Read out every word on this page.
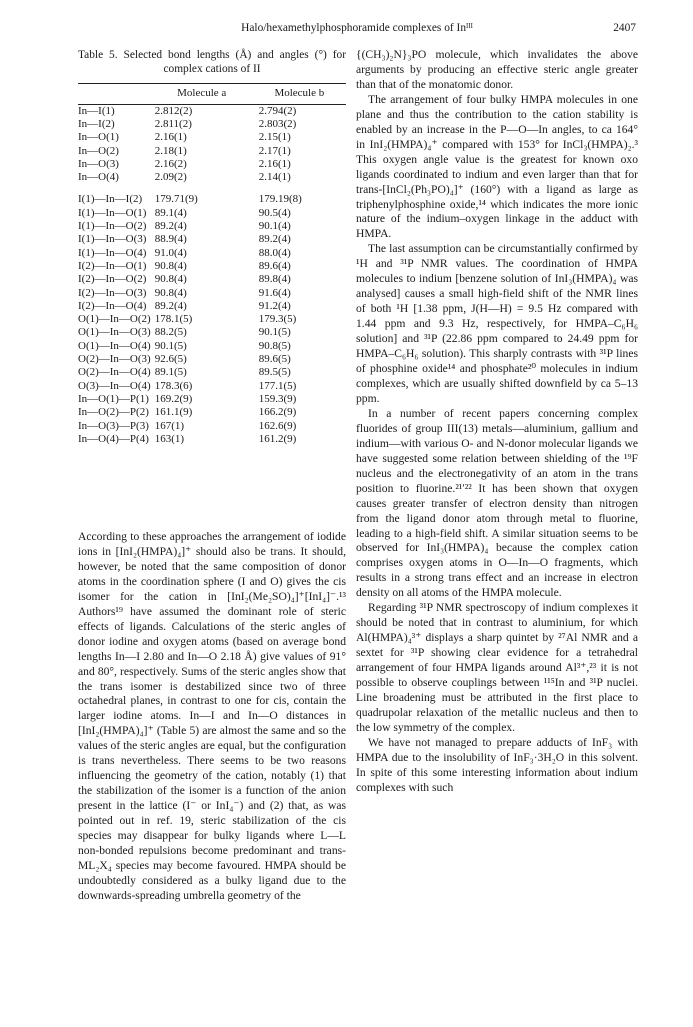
Halo/hexamethylphosphoramide complexes of Inᴵᴵᴵ	2407

Table 5. Selected bond lengths (Å) and angles (°) for complex cations of II

	Molecule a	Molecule b
In—I(1)	2.812(2)	2.794(2)
In—I(2)	2.811(2)	2.803(2)
In—O(1)	2.16(1)	2.15(1)
In—O(2)	2.18(1)	2.17(1)
In—O(3)	2.16(2)	2.16(1)
In—O(4)	2.09(2)	2.14(1)

I(1)—In—I(2)	179.71(9)	179.19(8)
I(1)—In—O(1)	89.1(4)	90.5(4)
I(1)—In—O(2)	89.2(4)	90.1(4)
I(1)—In—O(3)	88.9(4)	89.2(4)
I(1)—In—O(4)	91.0(4)	88.0(4)
I(2)—In—O(1)	90.8(4)	89.6(4)
I(2)—In—O(2)	90.8(4)	89.8(4)
I(2)—In—O(3)	90.8(4)	91.6(4)
I(2)—In—O(4)	89.2(4)	91.2(4)
O(1)—In—O(2)	178.1(5)	179.3(5)
O(1)—In—O(3)	88.2(5)	90.1(5)
O(1)—In—O(4)	90.1(5)	90.8(5)
O(2)—In—O(3)	92.6(5)	89.6(5)
O(2)—In—O(4)	89.1(5)	89.5(5)
O(3)—In—O(4)	178.3(6)	177.1(5)
In—O(1)—P(1)	169.2(9)	159.3(9)
In—O(2)—P(2)	161.1(9)	166.2(9)
In—O(3)—P(3)	167(1)	162.6(9)
In—O(4)—P(4)	163(1)	161.2(9)

According to these approaches the arrangement of iodide ions in [InI₂(HMPA)₄]⁺ should also be trans. It should, however, be noted that the same composition of donor atoms in the coordination sphere (I and O) gives the cis isomer for the cation in [InI₂(Me₂SO)₄]⁺[InI₄]⁻.¹³ Authors¹⁹ have assumed the dominant role of steric effects of ligands. Calculations of the steric angles of donor iodine and oxygen atoms (based on average bond lengths In—I 2.80 and In—O 2.18 Å) give values of 91° and 80°, respectively. Sums of the steric angles show that the trans isomer is destabilized since two of three octahedral planes, in contrast to one for cis, contain the larger iodine atoms. In—I and In—O distances in [InI₂(HMPA)₄]⁺ (Table 5) are almost the same and so the values of the steric angles are equal, but the configuration is trans nevertheless. There seems to be two reasons influencing the geometry of the cation, notably (1) that the stabilization of the isomer is a function of the anion present in the lattice (I⁻ or InI₄⁻) and (2) that, as was pointed out in ref. 19, steric stabilization of the cis species may disappear for bulky ligands where L—L non-bonded repulsions become predominant and trans-ML₂X₄ species may become favoured. HMPA should be undoubtedly considered as a bulky ligand due to the downwards-spreading umbrella geometry of the

{(CH₃)₂N}₃PO molecule, which invalidates the above arguments by producing an effective steric angle greater than that of the monatomic donor.

The arrangement of four bulky HMPA molecules in one plane and thus the contribution to the cation stability is enabled by an increase in the P—O—In angles, to ca 164° in InI₂(HMPA)₄⁺ compared with 153° for InCl₃(HMPA)₂.³ This oxygen angle value is the greatest for known oxo ligands coordinated to indium and even larger than that for trans-[InCl₂(Ph₃PO)₄]⁺ (160°) with a ligand as large as triphenylphosphine oxide,¹⁴ which indicates the more ionic nature of the indium–oxygen linkage in the adduct with HMPA.

The last assumption can be circumstantially confirmed by ¹H and ³¹P NMR values. The coordination of HMPA molecules to indium [benzene solution of InI₃(HMPA)₄ was analysed] causes a small high-field shift of the NMR lines of both ¹H [1.38 ppm, J(H—H) = 9.5 Hz compared with 1.44 ppm and 9.3 Hz, respectively, for HMPA–C₆H₆ solution] and ³¹P (22.86 ppm compared to 24.49 ppm for HMPA–C₆H₆ solution). This sharply contrasts with ³¹P lines of phosphine oxide¹⁴ and phosphate²⁰ molecules in indium complexes, which are usually shifted downfield by ca 5–13 ppm.

In a number of recent papers concerning complex fluorides of group III(13) metals—aluminium, gallium and indium—with various O- and N-donor molecular ligands we have suggested some relation between shielding of the ¹⁹F nucleus and the electronegativity of an atom in the trans position to fluorine.²¹ʹ²² It has been shown that oxygen causes greater transfer of electron density than nitrogen from the ligand donor atom through metal to fluorine, leading to a high-field shift. A similar situation seems to be observed for InI₃(HMPA)₄ because the complex cation comprises oxygen atoms in O—In—O fragments, which results in a strong trans effect and an increase in electron density on all atoms of the HMPA molecule.

Regarding ³¹P NMR spectroscopy of indium complexes it should be noted that in contrast to aluminium, for which Al(HMPA)₄³⁺ displays a sharp quintet by ²⁷Al NMR and a sextet for ³¹P showing clear evidence for a tetrahedral arrangement of four HMPA ligands around Al³⁺,²³ it is not possible to observe couplings between ¹¹⁵In and ³¹P nuclei. Line broadening must be attributed in the first place to quadrupolar relaxation of the metallic nucleus and then to the low symmetry of the complex.

We have not managed to prepare adducts of InF₃ with HMPA due to the insolubility of InF₃·3H₂O in this solvent. In spite of this some interesting information about indium complexes with such
